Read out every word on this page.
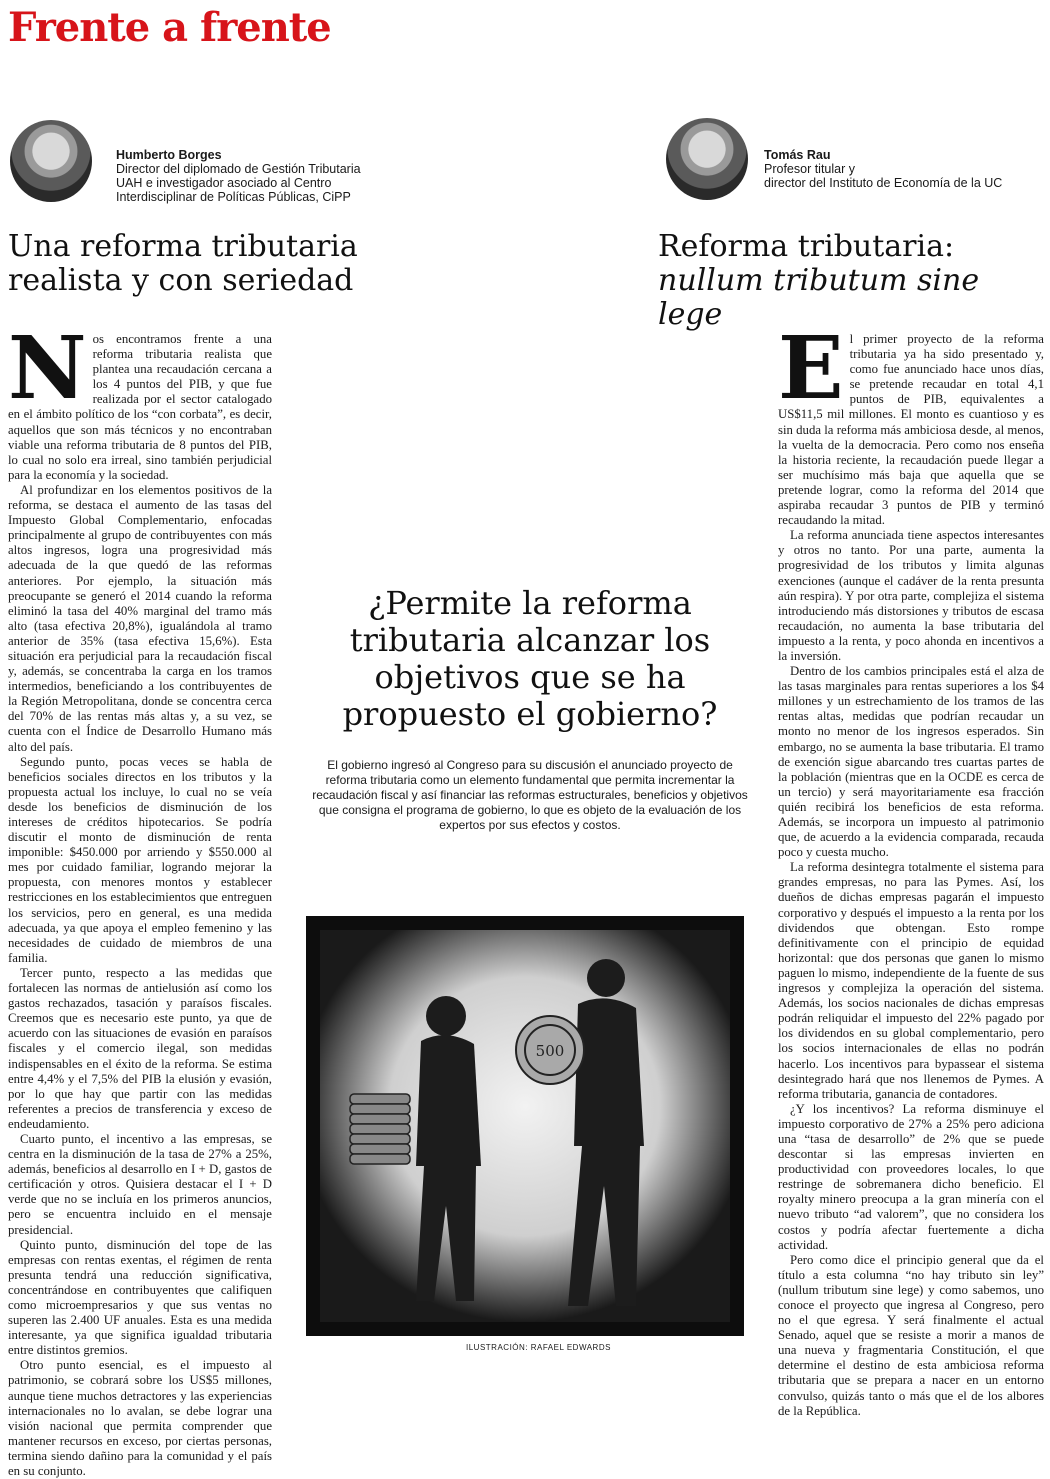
Frente a frente
Humberto Borges
Director del diplomado de Gestión Tributaria
UAH e investigador asociado al Centro
Interdisciplinar de Políticas Públicas, CiPP
Tomás Rau
Profesor titular y
director del Instituto de Economía de la UC
Una reforma tributaria
realista y con seriedad
Reforma tributaria:
nullum tributum sine lege
N os encontramos frente a una reforma tributaria realista que plantea una recaudación cercana a los 4 puntos del PIB, y que fue realizada por el sector catalogado en el ámbito político de los “con corbata”, es decir, aquellos que son más técnicos y no encontraban viable una reforma tributaria de 8 puntos del PIB, lo cual no solo era irreal, sino también perjudicial para la economía y la sociedad.

Al profundizar en los elementos positivos de la reforma, se destaca el aumento de las tasas del Impuesto Global Complementario, enfocadas principalmente al grupo de contribuyentes con más altos ingresos, logra una progresividad más adecuada de la que quedó de las reformas anteriores. Por ejemplo, la situación más preocupante se generó el 2014 cuando la reforma eliminó la tasa del 40% marginal del tramo más alto (tasa efectiva 20,8%), igualándola al tramo anterior de 35% (tasa efectiva 15,6%). Esta situación era perjudicial para la recaudación fiscal y, además, se concentraba la carga en los tramos intermedios, beneficiando a los contribuyentes de la Región Metropolitana, donde se concentra cerca del 70% de las rentas más altas y, a su vez, se cuenta con el Índice de Desarrollo Humano más alto del país.

Segundo punto, pocas veces se habla de beneficios sociales directos en los tributos y la propuesta actual los incluye, lo cual no se veía desde los beneficios de disminución de los intereses de créditos hipotecarios. Se podría discutir el monto de disminución de renta imponible: $450.000 por arriendo y $550.000 al mes por cuidado familiar, logrando mejorar la propuesta, con menores montos y establecer restricciones en los establecimientos que entreguen los servicios, pero en general, es una medida adecuada, ya que apoya el empleo femenino y las necesidades de cuidado de miembros de una familia.

Tercer punto, respecto a las medidas que fortalecen las normas de antielusión así como los gastos rechazados, tasación y paraísos fiscales. Creemos que es necesario este punto, ya que de acuerdo con las situaciones de evasión en paraísos fiscales y el comercio ilegal, son medidas indispensables en el éxito de la reforma. Se estima entre 4,4% y el 7,5% del PIB la elusión y evasión, por lo que hay que partir con las medidas referentes a precios de transferencia y exceso de endeudamiento.

Cuarto punto, el incentivo a las empresas, se centra en la disminución de la tasa de 27% a 25%, además, beneficios al desarrollo en I + D, gastos de certificación y otros. Quisiera destacar el I + D verde que no se incluía en los primeros anuncios, pero se encuentra incluido en el mensaje presidencial.

Quinto punto, disminución del tope de las empresas con rentas exentas, el régimen de renta presunta tendrá una reducción significativa, concentrándose en contribuyentes que califiquen como microempresarios y que sus ventas no superen las 2.400 UF anuales. Esta es una medida interesante, ya que significa igualdad tributaria entre distintos gremios.

Otro punto esencial, es el impuesto al patrimonio, se cobrará sobre los US$5 millones, aunque tiene muchos detractores y las experiencias internacionales no lo avalan, se debe lograr una visión nacional que permita comprender que mantener recursos en exceso, por ciertas personas, termina siendo dañino para la comunidad y el país en su conjunto.

E l primer proyecto de la reforma tributaria ya ha sido presentado y, como fue anunciado hace unos días, se pretende recaudar en total 4,1 puntos de PIB, equivalentes a US$11,5 mil millones. El monto es cuantioso y es sin duda la reforma más ambiciosa desde, al menos, la vuelta de la democracia. Pero como nos enseña la historia reciente, la recaudación puede llegar a ser muchísimo más baja que aquella que se pretende lograr, como la reforma del 2014 que aspiraba recaudar 3 puntos de PIB y terminó recaudando la mitad.

La reforma anunciada tiene aspectos interesantes y otros no tanto. Por una parte, aumenta la progresividad de los tributos y limita algunas exenciones (aunque el cadáver de la renta presunta aún respira). Y por otra parte, complejiza el sistema introduciendo más distorsiones y tributos de escasa recaudación, no aumenta la base tributaria del impuesto a la renta, y poco ahonda en incentivos a la inversión.

Dentro de los cambios principales está el alza de las tasas marginales para rentas superiores a los $4 millones y un estrechamiento de los tramos de las rentas altas, medidas que podrían recaudar un monto no menor de los ingresos esperados. Sin embargo, no se aumenta la base tributaria. El tramo de exención sigue abarcando tres cuartas partes de la población (mientras que en la OCDE es cerca de un tercio) y será mayoritariamente esa fracción quién recibirá los beneficios de esta reforma. Además, se incorpora un impuesto al patrimonio que, de acuerdo a la evidencia comparada, recauda poco y cuesta mucho.

La reforma desintegra totalmente el sistema para grandes empresas, no para las Pymes. Así, los dueños de dichas empresas pagarán el impuesto corporativo y después el impuesto a la renta por los dividendos que obtengan. Esto rompe definitivamente con el principio de equidad horizontal: que dos personas que ganen lo mismo paguen lo mismo, independiente de la fuente de sus ingresos y complejiza la operación del sistema. Además, los socios nacionales de dichas empresas podrán reliquidar el impuesto del 22% pagado por los dividendos en su global complementario, pero los socios internacionales de ellas no podrán hacerlo. Los incentivos para bypassear el sistema desintegrado hará que nos llenemos de Pymes. A reforma tributaria, ganancia de contadores.

¿Y los incentivos? La reforma disminuye el impuesto corporativo de 27% a 25% pero adiciona una “tasa de desarrollo” de 2% que se puede descontar si las empresas invierten en productividad con proveedores locales, lo que restringe de sobremanera dicho beneficio. El royalty minero preocupa a la gran minería con el nuevo tributo “ad valorem”, que no considera los costos y podría afectar fuertemente a dicha actividad.

Pero como dice el principio general que da el título a esta columna “no hay tributo sin ley” (nullum tributum sine lege) y como sabemos, uno conoce el proyecto que ingresa al Congreso, pero no el que egresa. Y será finalmente el actual Senado, aquel que se resiste a morir a manos de una nueva y fragmentaria Constitución, el que determine el destino de esta ambiciosa reforma tributaria que se prepara a nacer en un entorno convulso, quizás tanto o más que el de los albores de la República.

¿Permite la reforma tributaria alcanzar los objetivos que se ha propuesto el gobierno?
El gobierno ingresó al Congreso para su discusión el anunciado proyecto de reforma tributaria como un elemento fundamental que permita incrementar la recaudación fiscal y así financiar las reformas estructurales, beneficios y objetivos que consigna el programa de gobierno, lo que es objeto de la evaluación de los expertos por sus efectos y costos.
500
ILUSTRACIÓN: RAFAEL EDWARDS
